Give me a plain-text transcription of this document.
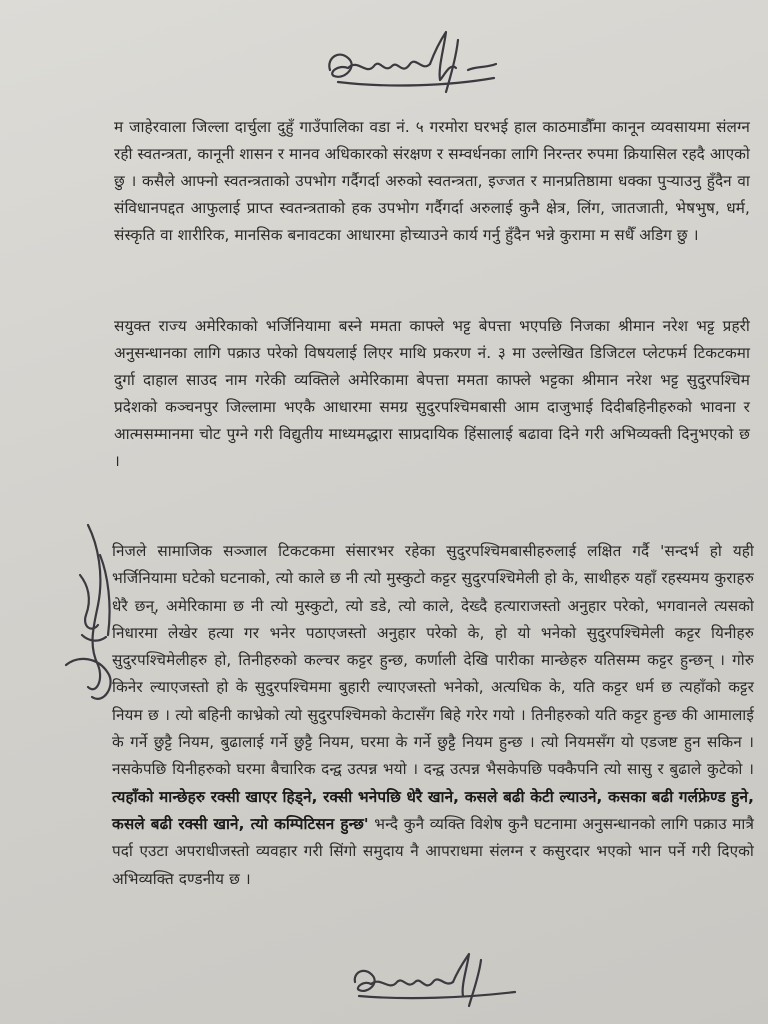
म जाहेरवाला जिल्ला दार्चुला दुहुँ गाउँपालिका वडा नं. ५ गरमोरा घरभई हाल काठमाडौँमा कानून व्यवसायमा संलग्न रही स्वतन्त्रता, कानूनी शासन र मानव अधिकारको संरक्षण र सम्वर्धनका लागि निरन्तर रुपमा क्रियासिल रहदै आएको छु । कसैले आफ्नो स्वतन्त्रताको उपभोग गर्दैगर्दा अरुको स्वतन्त्रता, इज्जत र मानप्रतिष्ठामा धक्का पुऱ्याउनु हुँदैन वा संविधानपद्दत आफुलाई प्राप्त स्वतन्त्रताको हक उपभोग गर्दैगर्दा अरुलाई कुनै क्षेत्र, लिंग, जातजाती, भेषभुष, धर्म, संस्कृति वा शारीरिक, मानसिक बनावटका आधारमा होच्याउने कार्य गर्नु हुँदैन भन्ने कुरामा म सधैँ अडिग छु ।

सयुक्त राज्य अमेरिकाको भर्जिनियामा बस्ने ममता काफ्ले भट्ट बेपत्ता भएपछि निजका श्रीमान नरेश भट्ट प्रहरी अनुसन्धानका लागि पक्राउ परेको विषयलाई लिएर माथि प्रकरण नं. ३ मा उल्लेखित डिजिटल प्लेटफर्म टिकटकमा दुर्गा दाहाल साउद नाम गरेकी व्यक्तिले अमेरिकामा बेपत्ता ममता काफ्ले भट्टका श्रीमान नरेश भट्ट सुदुरपश्चिम प्रदेशको कञ्चनपुर जिल्लामा भएकै आधारमा समग्र सुदुरपश्चिमबासी आम दाजुभाई दिदीबहिनीहरुको भावना र आत्मसम्मानमा चोट पुग्ने गरी विद्युतीय माध्यमद्धारा साप्रदायिक हिंसालाई बढावा दिने गरी अभिव्यक्ती दिनुभएको छ ।

निजले सामाजिक सञ्जाल टिकटकमा संसारभर रहेका सुदुरपश्चिमबासीहरुलाई लक्षित गर्दै 'सन्दर्भ हो यही भर्जिनियामा घटेको घटनाको, त्यो काले छ नी त्यो मुस्कुटो कट्टर सुदुरपश्चिमेली हो के, साथीहरु यहाँ रहस्यमय कुराहरु धेरै छन्, अमेरिकामा छ नी त्यो मुस्कुटो, त्यो डडे, त्यो काले, देख्दै हत्याराजस्तो अनुहार परेको, भगवानले त्यसको निधारमा लेखेर हत्या गर भनेर पठाएजस्तो अनुहार परेको के, हो यो भनेको सुदुरपश्चिमेली कट्टर यिनीहरु सुदुरपश्चिमेलीहरु हो, तिनीहरुको कल्चर कट्टर हुन्छ, कर्णाली देखि पारीका मान्छेहरु यतिसम्म कट्टर हुन्छन् । गोरु किनेर ल्याएजस्तो हो के सुदुरपश्चिममा बुहारी ल्याएजस्तो भनेको, अत्यधिक के, यति कट्टर धर्म छ त्यहाँको कट्टर नियम छ । त्यो बहिनी काभ्रेको त्यो सुदुरपश्चिमको केटासँग बिहे गरेर गयो । तिनीहरुको यति कट्टर हुन्छ की आमालाई के गर्ने छुट्टै नियम, बुढालाई गर्ने छुट्टै नियम, घरमा के गर्ने छुट्टै नियम हुन्छ । त्यो नियमसँग यो एडजष्ट हुन सकिन । नसकेपछि यिनीहरुको घरमा बैचारिक दन्द्व उत्पन्न भयो । दन्द्व उत्पन्न भैसकेपछि पक्कैपनि त्यो सासु र बुढाले कुटेको । त्यहाँको मान्छेहरु रक्सी खाएर हिड्ने, रक्सी भनेपछि धेरै खाने, कसले बढी केटी ल्याउने, कसका बढी गर्लफ्रेण्ड हुने, कसले बढी रक्सी खाने, त्यो कम्पिटिसन हुन्छ' भन्दै कुनै व्यक्ति विशेष कुनै घटनामा अनुसन्धानको लागि पक्राउ मात्रै पर्दा एउटा अपराधीजस्तो व्यवहार गरी सिंगो समुदाय नै आपराधमा संलग्न र कसुरदार भएको भान पर्ने गरी दिएको अभिव्यक्ति दण्डनीय छ ।
